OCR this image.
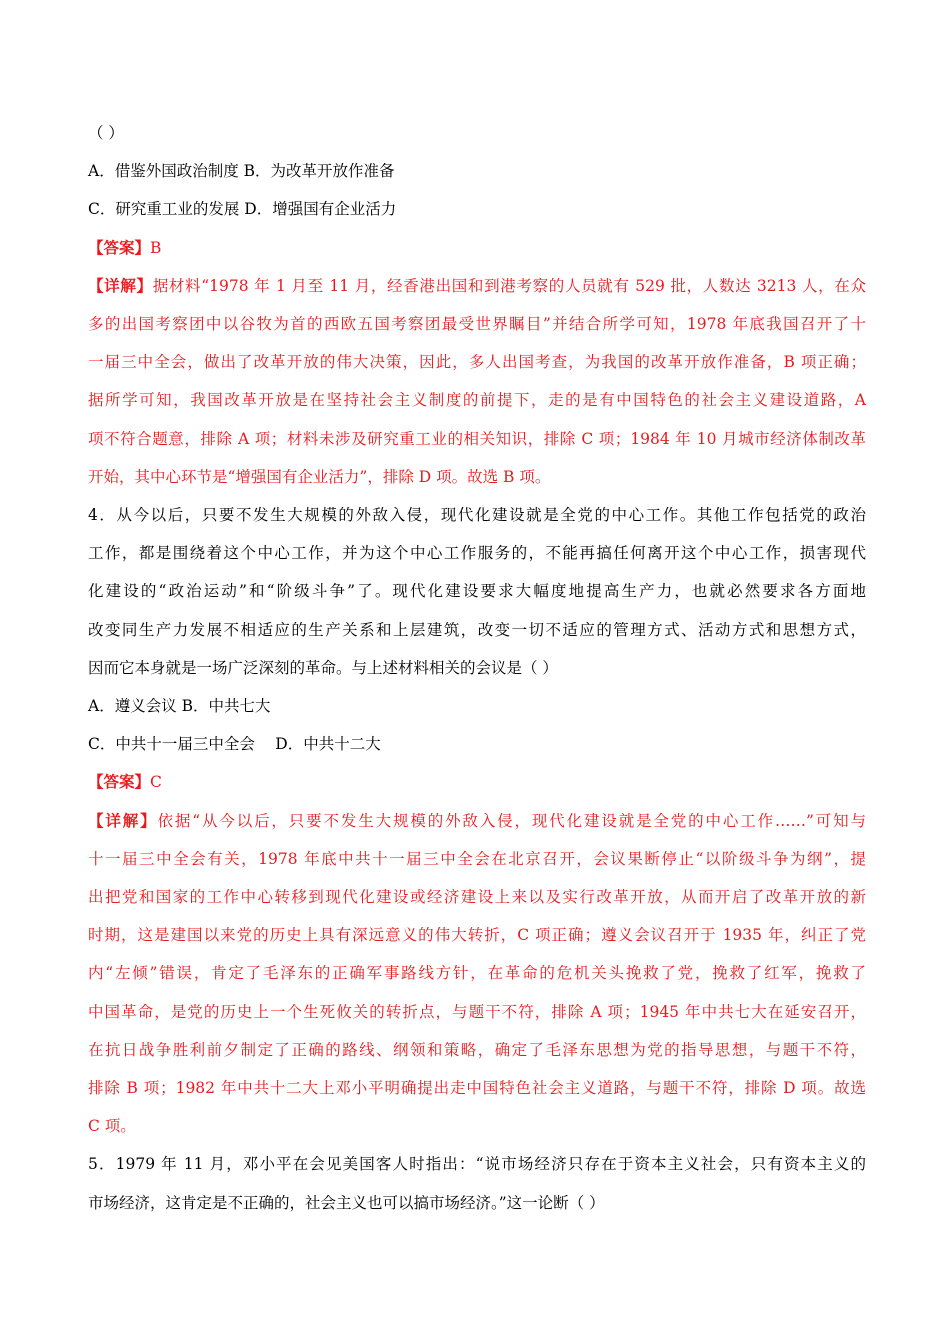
（ ）

A．借鉴外国政治制度 B．为改革开放作准备

C．研究重工业的发展 D．增强国有企业活力

【答案】B

【详解】据材料“1978 年 1 月至 11 月，经香港出国和到港考察的人员就有 529 批，人数达 3213 人，在众

多的出国考察团中以谷牧为首的西欧五国考察团最受世界瞩目”并结合所学可知，1978 年底我国召开了十

一届三中全会，做出了改革开放的伟大决策，因此，多人出国考查，为我国的改革开放作准备，B 项正确；

据所学可知，我国改革开放是在坚持社会主义制度的前提下，走的是有中国特色的社会主义建设道路，A

项不符合题意，排除 A 项；材料未涉及研究重工业的相关知识，排除 C 项；1984 年 10 月城市经济体制改革

开始，其中心环节是“增强国有企业活力”，排除 D 项。故选 B 项。

4．从今以后，只要不发生大规模的外敌入侵，现代化建设就是全党的中心工作。其他工作包括党的政治

工作，都是围绕着这个中心工作，并为这个中心工作服务的，不能再搞任何离开这个中心工作，损害现代

化建设的“政治运动”和“阶级斗争”了。现代化建设要求大幅度地提高生产力，也就必然要求各方面地

改变同生产力发展不相适应的生产关系和上层建筑，改变一切不适应的管理方式、活动方式和思想方式，

因而它本身就是一场广泛深刻的革命。与上述材料相关的会议是（ ）

A．遵义会议 B．中共七大

C．中共十一届三中全会　 D．中共十二大

【答案】C

【详解】依据“从今以后，只要不发生大规模的外敌入侵，现代化建设就是全党的中心工作……”可知与

十一届三中全会有关，1978 年底中共十一届三中全会在北京召开，会议果断停止“以阶级斗争为纲”，提

出把党和国家的工作中心转移到现代化建设或经济建设上来以及实行改革开放，从而开启了改革开放的新

时期，这是建国以来党的历史上具有深远意义的伟大转折，C 项正确；遵义会议召开于 1935 年，纠正了党

内“左倾”错误，肯定了毛泽东的正确军事路线方针，在革命的危机关头挽救了党，挽救了红军，挽救了

中国革命，是党的历史上一个生死攸关的转折点，与题干不符，排除 A 项；1945 年中共七大在延安召开，

在抗日战争胜利前夕制定了正确的路线、纲领和策略，确定了毛泽东思想为党的指导思想，与题干不符，

排除 B 项；1982 年中共十二大上邓小平明确提出走中国特色社会主义道路，与题干不符，排除 D 项。故选

C 项。

5．1979 年 11 月，邓小平在会见美国客人时指出：“说市场经济只存在于资本主义社会，只有资本主义的

市场经济，这肯定是不正确的，社会主义也可以搞市场经济。”这一论断（ ）
